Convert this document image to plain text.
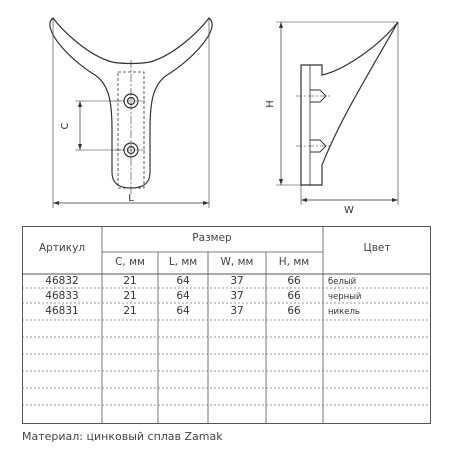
C
L
H
W
Артикул
Размер
Цвет
С, мм L, мм W, мм Н, мм
46832	21	64	37	66	белый
46833	21	64	37	66	черный
46831	21	64	37	66	никель
Материал: цинковый сплав Zamak
